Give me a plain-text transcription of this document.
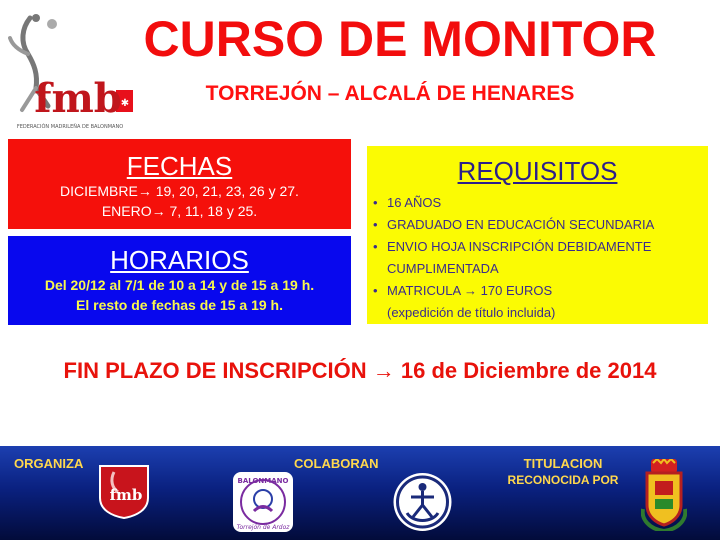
✱
fmb
FEDERACIÓN MADRILEÑA DE BALONMANO
CURSO DE MONITOR
TORREJÓN – ALCALÁ DE HENARES
FECHAS
DICIEMBRE→ 19, 20, 21, 23, 26 y 27.
ENERO→ 7, 11, 18 y 25.
HORARIOS
Del 20/12 al 7/1 de 10 a 14 y de 15 a 19 h.
El resto de fechas de 15 a 19 h.
REQUISITOS
• 16 AÑOS
• GRADUADO EN EDUCACIÓN SECUNDARIA
• ENVIO HOJA INSCRIPCIÓN DEBIDAMENTE
CUMPLIMENTADA
• MATRICULA → 170 EUROS
(expedición de título incluida)
FIN PLAZO DE INSCRIPCIÓN → 16 de Diciembre de 2014
ORGANIZA	COLABORAN	TITULACION
RECONOCIDA POR
fmb
BALONMANO
Torrejón de Ardoz
